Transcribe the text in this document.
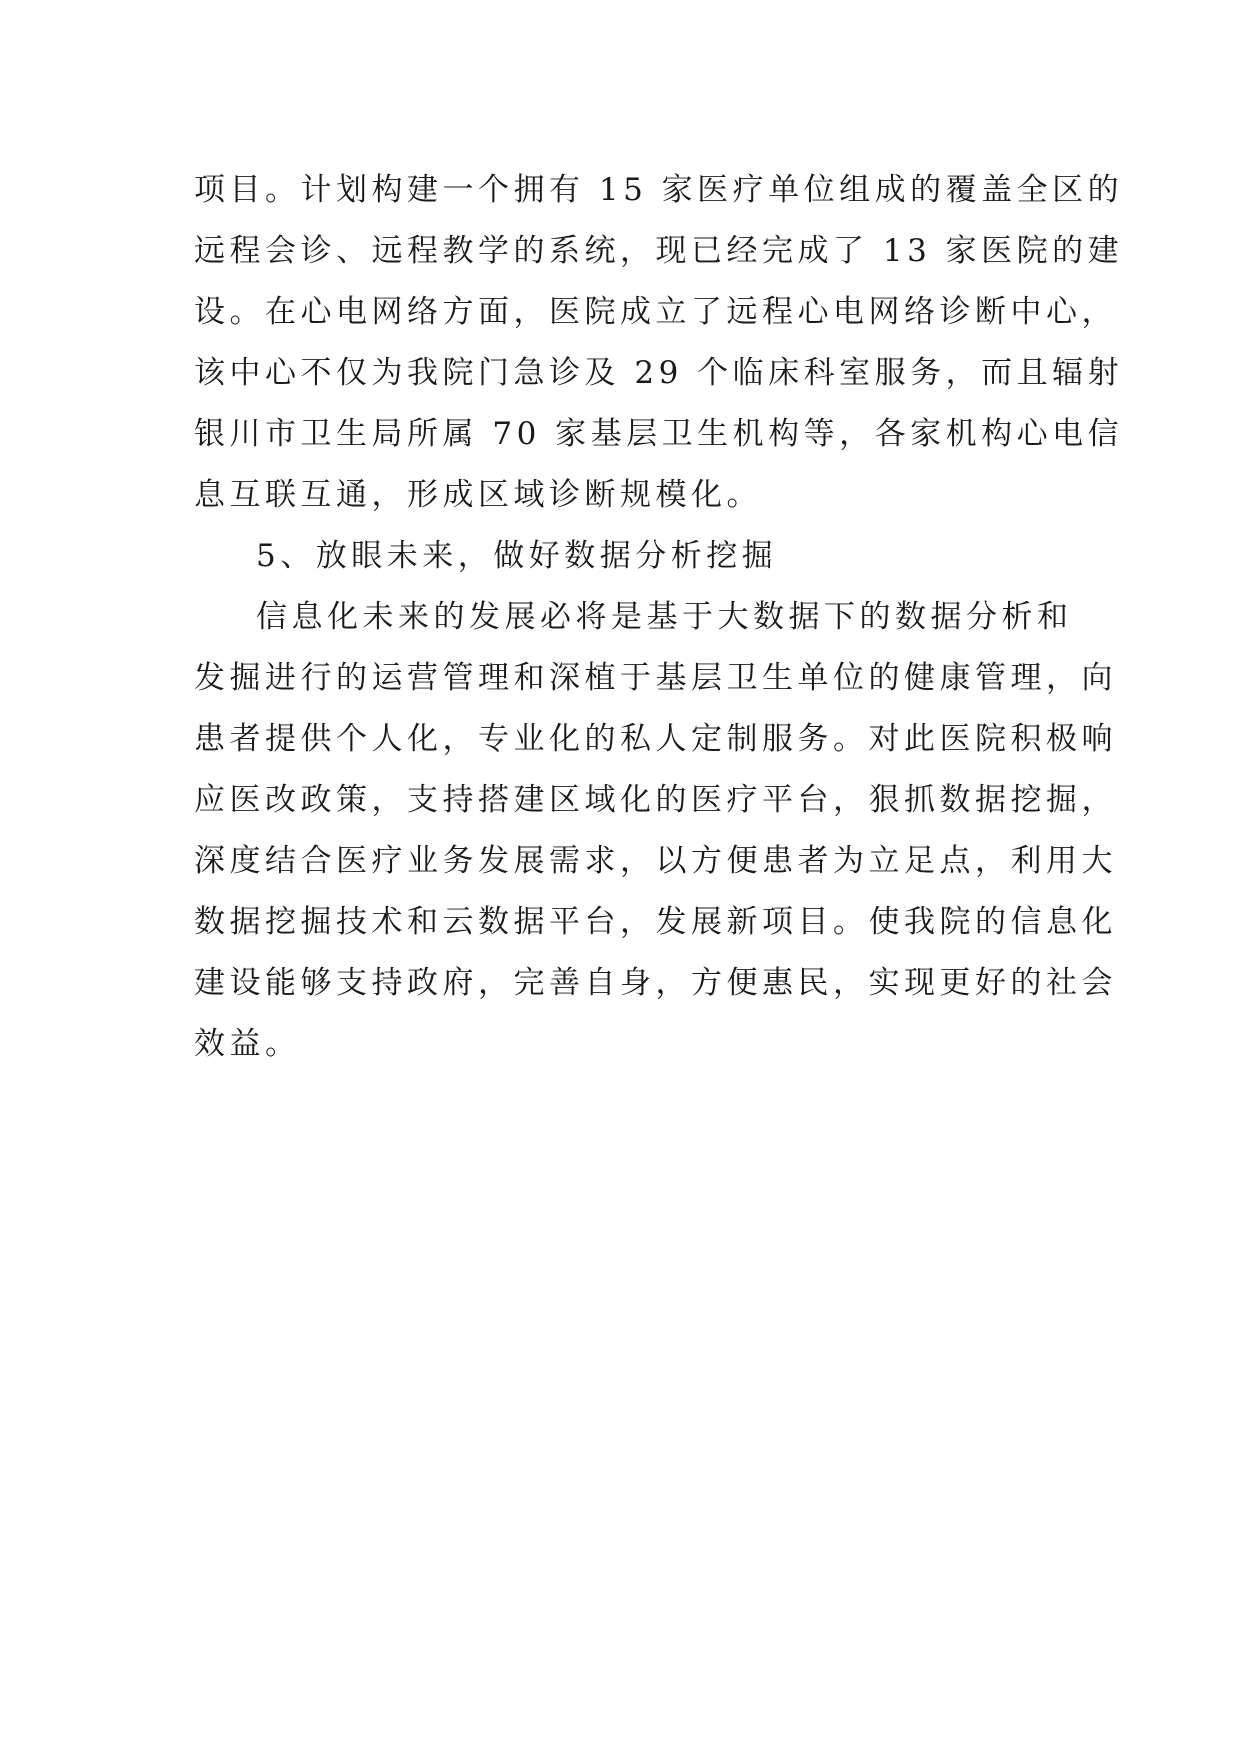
项目。计划构建一个拥有 15 家医疗单位组成的覆盖全区的
远程会诊、远程教学的系统，现已经完成了 13 家医院的建
设。在心电网络方面，医院成立了远程心电网络诊断中心，
该中心不仅为我院门急诊及 29 个临床科室服务，而且辐射
银川市卫生局所属 70 家基层卫生机构等，各家机构心电信
息互联互通，形成区域诊断规模化。
5、放眼未来，做好数据分析挖掘
信息化未来的发展必将是基于大数据下的数据分析和
发掘进行的运营管理和深植于基层卫生单位的健康管理，向
患者提供个人化，专业化的私人定制服务。对此医院积极响
应医改政策，支持搭建区域化的医疗平台，狠抓数据挖掘，
深度结合医疗业务发展需求，以方便患者为立足点，利用大
数据挖掘技术和云数据平台，发展新项目。使我院的信息化
建设能够支持政府，完善自身，方便惠民，实现更好的社会
效益。
